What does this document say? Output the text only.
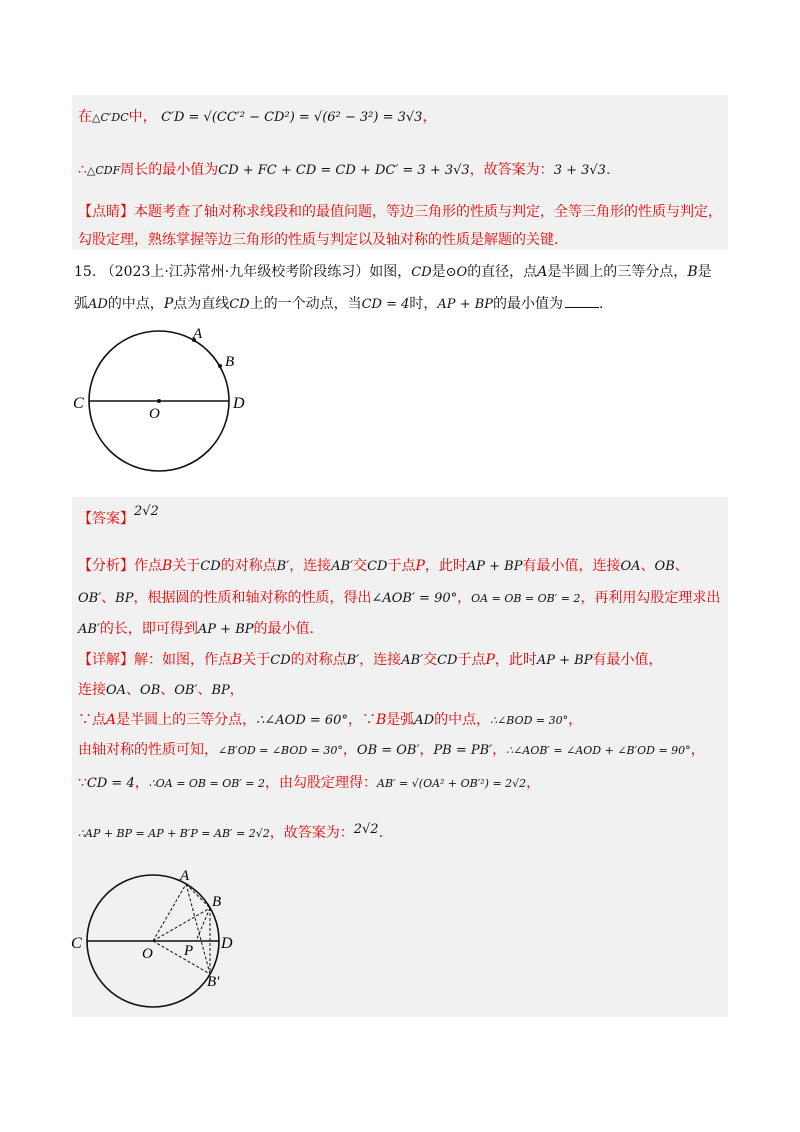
在△C′DC中， C′D = √(CC′² − CD²) = √(6² − 3²) = 3√3，
∴△CDF周长的最小值为CD + FC + CD = CD + DC′ = 3 + 3√3，故答案为：3 + 3√3.
【点睛】本题考查了轴对称求线段和的最值问题，等边三角形的性质与判定，全等三角形的性质与判定，
勾股定理，熟练掌握等边三角形的性质与判定以及轴对称的性质是解题的关键.
15. （2023上·江苏常州·九年级校考阶段练习）如图，CD是⊙O的直径，点A是半圆上的三等分点，B是
弧AD的中点，P点为直线CD上的一个动点，当CD = 4时，AP + BP的最小值为	.
A
B
C	D
O
【答案】2√2
【分析】作点B关于CD的对称点B′，连接AB′交CD于点P，此时AP + BP有最小值，连接OA、OB、
OB′、BP，根据圆的性质和轴对称的性质，得出∠AOB′ = 90°，OA = OB = OB′ = 2，再利用勾股定理求出
AB′的长，即可得到AP + BP的最小值.
【详解】解：如图，作点B关于CD的对称点B′，连接AB′交CD于点P，此时AP + BP有最小值，
连接OA、OB、OB′、BP，
∵点A是半圆上的三等分点，∴∠AOD = 60°，∵B是弧AD的中点，∴∠BOD = 30°，
由轴对称的性质可知，∠B′OD = ∠BOD = 30°，OB = OB′，PB = PB′，∴∠AOB′ = ∠AOD + ∠B′OD = 90°，
∵CD = 4，∴OA = OB = OB′ = 2，由勾股定理得：AB′ = √(OA² + OB′²) = 2√2，
∴AP + BP = AP + B′P = AB′ = 2√2，故答案为：2√2.
A
B
C	D
O P
B′
